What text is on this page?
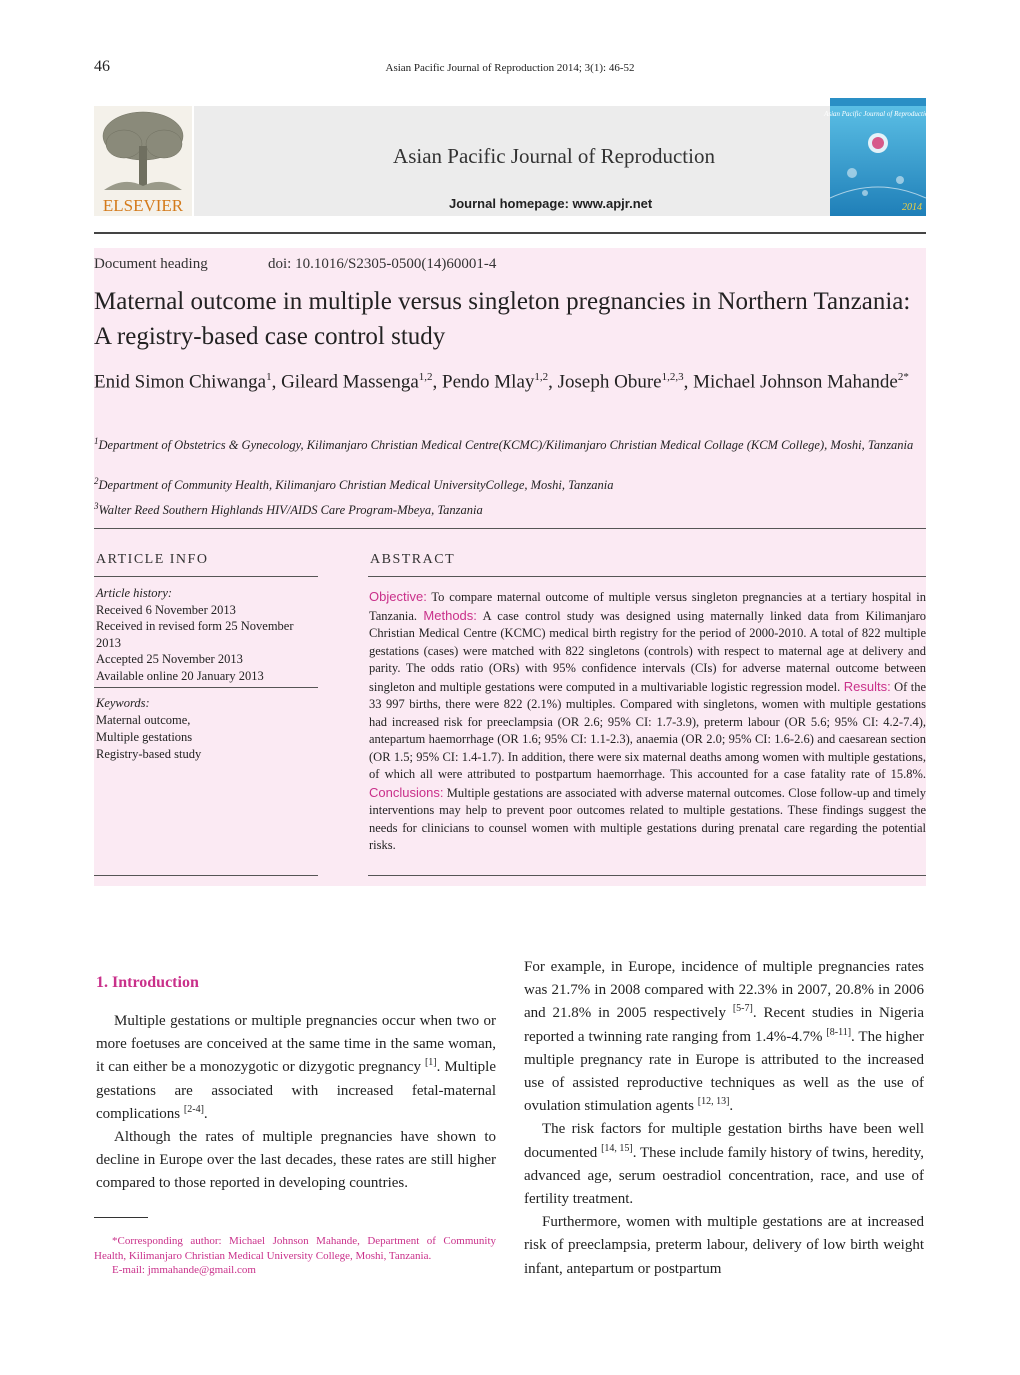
46	Asian Pacific Journal of Reproduction 2014; 3(1): 46-52
ELSEVIER
Asian Pacific Journal of Reproduction
Journal homepage: www.apjr.net
Asian Pacific Journal of Reproduction
2014
Document heading	doi: 10.1016/S2305-0500(14)60001-4
Maternal outcome in multiple versus singleton pregnancies in Northern Tanzania: A registry-based case control study
Enid Simon Chiwanga$^1$, Gileard Massenga$^{1,2}$, Pendo Mlay$^{1,2}$, Joseph Obure$^{1,2,3}$, Michael Johnson Mahande$^{2*}$
$^1$Department of Obstetrics & Gynecology, Kilimanjaro Christian Medical Centre(KCMC)/Kilimanjaro Christian Medical Collage (KCM College), Moshi, Tanzania
$^2$Department of Community Health, Kilimanjaro Christian Medical UniversityCollege, Moshi, Tanzania
$^3$Walter Reed Southern Highlands HIV/AIDS Care Program-Mbeya, Tanzania
ARTICLE INFO	ABSTRACT
Article history:
Received 6 November 2013
Received in revised form 25 November 2013
Accepted 25 November 2013
Available online 20 January 2013
Keywords:
Maternal outcome,
Multiple gestations
Registry-based study
Objective: To compare maternal outcome of multiple versus singleton pregnancies at a tertiary hospital in Tanzania. Methods: A case control study was designed using maternally linked data from Kilimanjaro Christian Medical Centre (KCMC) medical birth registry for the period of 2000-2010. A total of 822 multiple gestations (cases) were matched with 822 singletons (controls) with respect to maternal age at delivery and parity. The odds ratio (ORs) with 95% confidence intervals (CIs) for adverse maternal outcome between singleton and multiple gestations were computed in a multivariable logistic regression model. Results: Of the 33 997 births, there were 822 (2.1%) multiples. Compared with singletons, women with multiple gestations had increased risk for preeclampsia (OR 2.6; 95% CI: 1.7-3.9), preterm labour (OR 5.6; 95% CI: 4.2-7.4), antepartum haemorrhage (OR 1.6; 95% CI: 1.1-2.3), anaemia (OR 2.0; 95% CI: 1.6-2.6) and caesarean section (OR 1.5; 95% CI: 1.4-1.7). In addition, there were six maternal deaths among women with multiple gestations, of which all were attributed to postpartum haemorrhage. This accounted for a case fatality rate of 15.8%. Conclusions: Multiple gestations are associated with adverse maternal outcomes. Close follow-up and timely interventions may help to prevent poor outcomes related to multiple gestations. These findings suggest the needs for clinicians to counsel women with multiple gestations during prenatal care regarding the potential risks.

1. Introduction

Multiple gestations or multiple pregnancies occur when two or more foetuses are conceived at the same time in the same woman, it can either be a monozygotic or dizygotic pregnancy [1]. Multiple gestations are associated with increased fetal-maternal complications [2-4].

Although the rates of multiple pregnancies have shown to decline in Europe over the last decades, these rates are still higher compared to those reported in developing countries.

For example, in Europe, incidence of multiple pregnancies rates was 21.7% in 2008 compared with 22.3% in 2007, 20.8% in 2006 and 21.8% in 2005 respectively [5-7]. Recent studies in Nigeria reported a twinning rate ranging from 1.4%-4.7% [8-11]. The higher multiple pregnancy rate in Europe is attributed to the increased use of assisted reproductive techniques as well as the use of ovulation stimulation agents [12, 13].

The risk factors for multiple gestation births have been well documented [14, 15]. These include family history of twins, heredity, advanced age, serum oestradiol concentration, race, and use of fertility treatment.

Furthermore, women with multiple gestations are at increased risk of preeclampsia, preterm labour, delivery of low birth weight infant, antepartum or postpartum

*Corresponding author: Michael Johnson Mahande, Department of Community Health, Kilimanjaro Christian Medical University College, Moshi, Tanzania.
E-mail: jmmahande@gmail.com
